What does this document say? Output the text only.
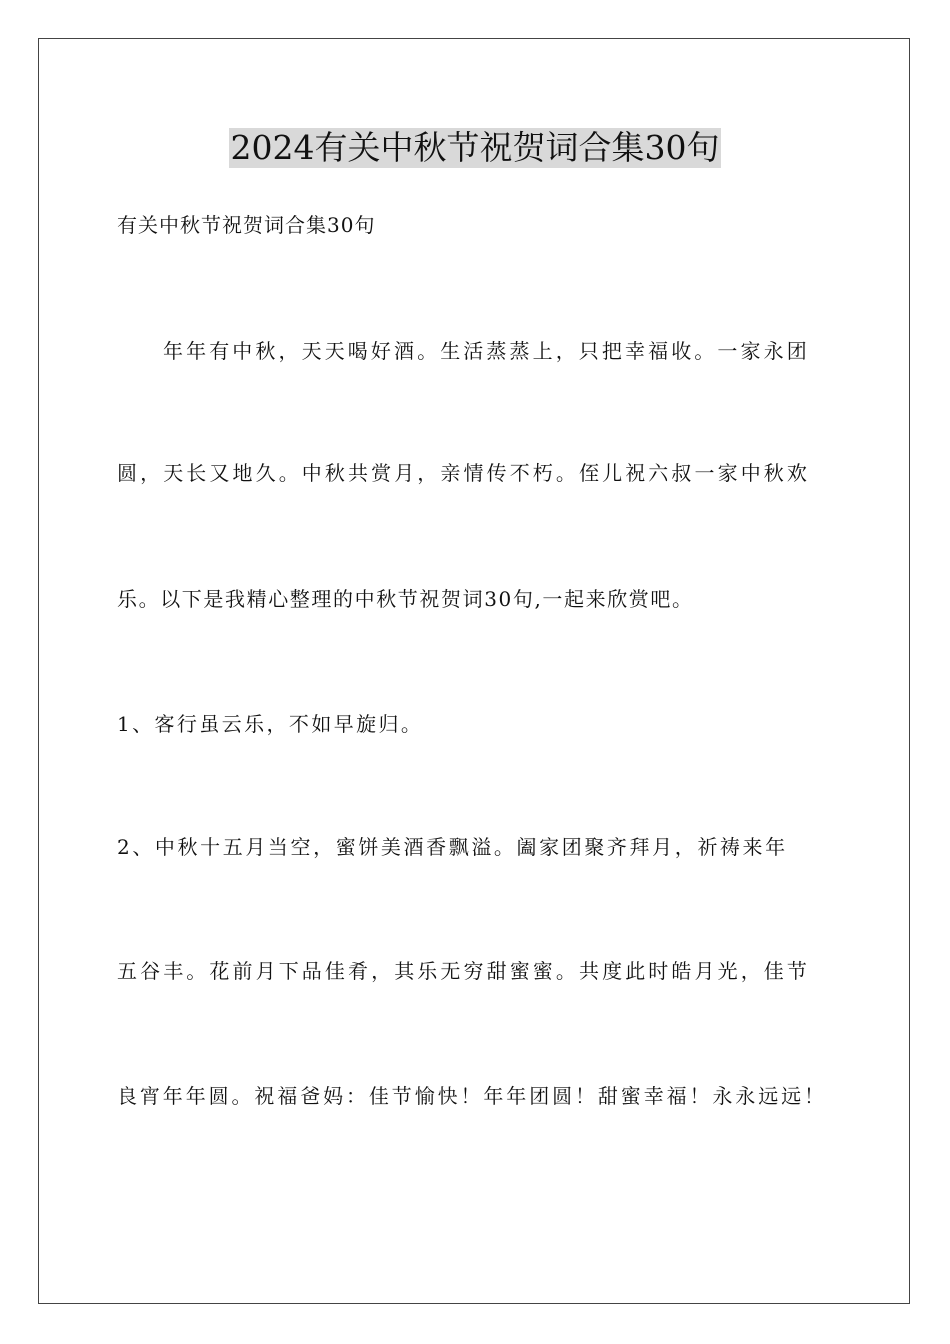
2024有关中秋节祝贺词合集30句
有关中秋节祝贺词合集30句
年年有中秋，天天喝好酒。生活蒸蒸上，只把幸福收。一家永团
圆，天长又地久。中秋共赏月，亲情传不朽。侄儿祝六叔一家中秋欢
乐。以下是我精心整理的中秋节祝贺词30句,一起来欣赏吧。
1、客行虽云乐，不如早旋归。
2、中秋十五月当空，蜜饼美酒香飘溢。阖家团聚齐拜月，祈祷来年
五谷丰。花前月下品佳肴，其乐无穷甜蜜蜜。共度此时皓月光，佳节
良宵年年圆。祝福爸妈：佳节愉快！年年团圆！甜蜜幸福！永永远远！
